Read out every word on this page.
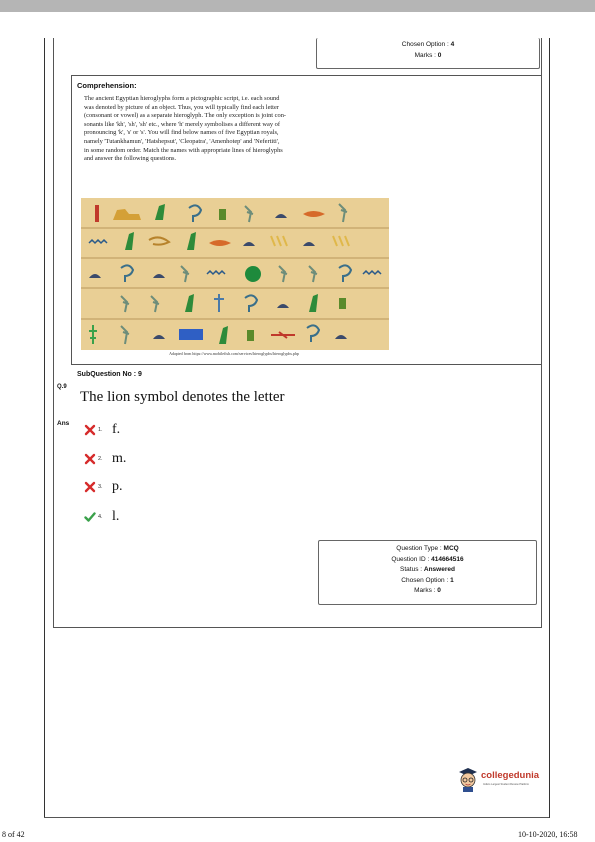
Chosen Option : 4
Marks : 0
Comprehension:
The ancient Egyptian hieroglyphs form a pictographic script, i.e. each sound
was denoted by picture of an object. Thus, you will typically find each letter
(consonant or vowel) as a separate hieroglyph. The only exception is joint con-
sonants like 'kh', 'sh', 'sh' etc., where 'h' merely symbolises a different way of
pronouncing 'k', 's' or 's'. You will find below names of five Egyptian royals,
namely 'Tutankhamun', 'Hatshepsut', 'Cleopatra', 'Amenhotep' and 'Nefertiti',
in some random order. Match the names with appropriate lines of hieroglyphs
and answer the following questions.
Adapted from https://www.mobilefish.com/services/hieroglyphs/hieroglyphs.php
SubQuestion No : 9
Q.9
The lion symbol denotes the letter
Ans
1. f.
2. m.
3. p.
4. l.
Question Type : MCQ
Question ID : 414664516
Status : Answered
Chosen Option : 1
Marks : 0
collegedunia
India's Largest Student Review Platform
8 of 42	10-10-2020, 16:58
